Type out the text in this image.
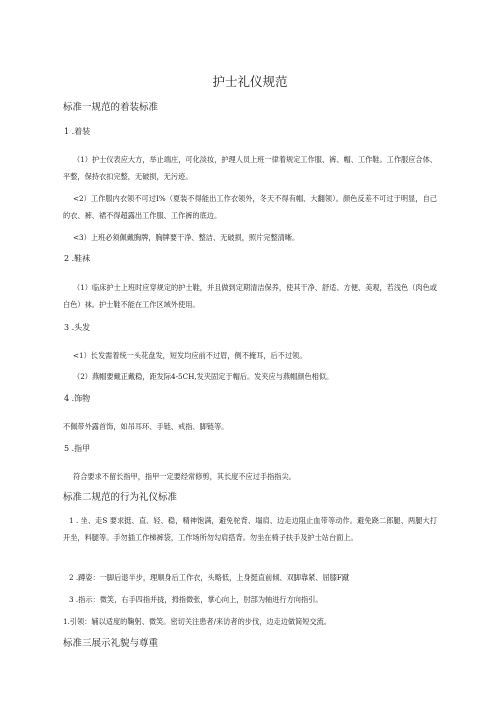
护士礼仪规范
标准一规范的着装标准
1 .着装

（1）护士仪表应大方，举止端庄，可化淡妆，护理人员上班一律着规定工作服、裤、帽、工作鞋。工作服应合体、平整，保持衣扣完整，无破损，无污迹。

<2）工作服内衣领不可过I%（夏装不得能出工作衣领外，冬天不得有帽、大翻领）。颜色反差不可过于明显，自己的衣、裤、裙不得超露出工作服、工作裤的底边。

<3）上班必须佩戴胸牌，胸牌要干净、整洁、无破损，照片完整清晰。

2 .鞋袜

（1）临床护士上班时应穿规定的护士鞋，并且做到定期清洁保养，使其干净、舒适、方便、美观，若浅色（肉色或白色）袜。护士鞋不能在工作区域外使用。

3 .头发

<1）长发需着统一头花盘发，短发均应前不过眉，侧不掩耳，后不过领。

（2）燕帽要戴正戴稳，距发际4-5CH,发夹固定于帽后。发夹应与燕帽颜色相似。

4 .饰物

不佩带外露首饰，如吊耳环、手链、戒指、脚链等。

5 .指甲

符合要求不留长指甲，指甲一定要经常修剪，其长度不应过手指指尖。

标准二规范的行为礼仪标准

1 . 坐、走S 要求挺、直、轻、稳，精神饱满，避免驼背、塌肩、边走边阻止血带等动作。避免跷二郎腿、两腿大打开坐，料腿等。手勿插工作梯裤袋，工作场所勿勾肩搭背。勿坐在椅子扶手及护士站台面上。

2 .蹲姿：一脚后退半步，理顺身后工作衣，头略低，上身挺直前倾、双脚靠紧、屈膝F蹴

3 .指示：微笑，右手四指并拢，拇指微张，掌心向上，肘部为轴进行方向指引。

1.引领：辅以适度的鞠躬、微笑。密切关注患者/来访者的步伐，边走边做简短交流。

标准三展示礼貌与尊重
